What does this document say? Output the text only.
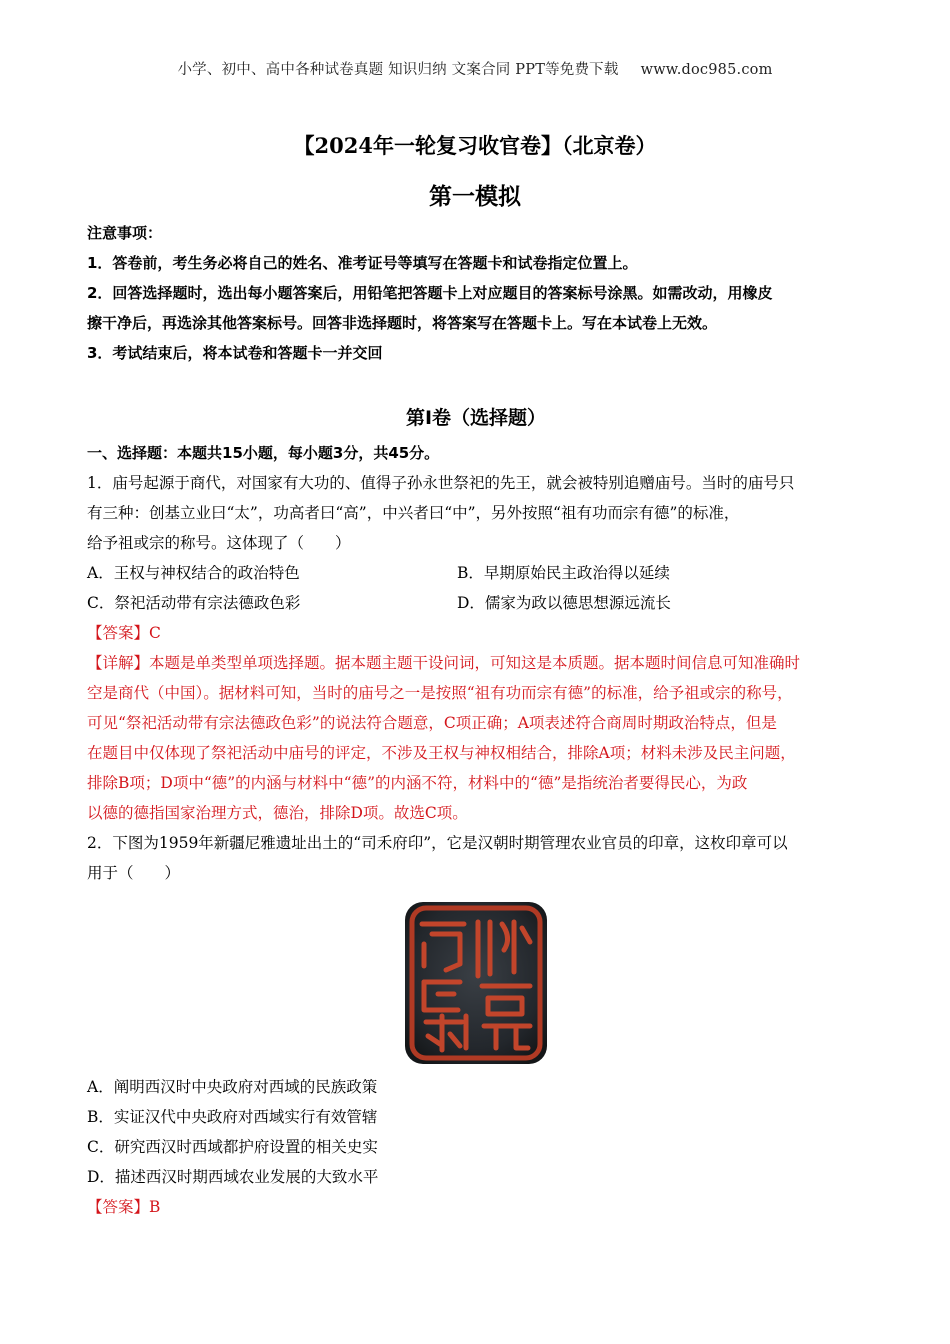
小学、初中、高中各种试卷真题 知识归纳 文案合同 PPT等免费下载 www.doc985.com
【2024年一轮复习收官卷】（北京卷）
第一模拟
注意事项：
1．答卷前，考生务必将自己的姓名、准考证号等填写在答题卡和试卷指定位置上。
2．回答选择题时，选出每小题答案后，用铅笔把答题卡上对应题目的答案标号涂黑。如需改动，用橡皮
擦干净后，再选涂其他答案标号。回答非选择题时，将答案写在答题卡上。写在本试卷上无效。
3．考试结束后，将本试卷和答题卡一并交回
第I卷（选择题）
一、选择题：本题共15小题，每小题3分，共45分。
1．庙号起源于商代，对国家有大功的、值得子孙永世祭祀的先王，就会被特别追赠庙号。当时的庙号只
有三种：创基立业曰“太”，功高者曰“高”，中兴者曰“中”，另外按照“祖有功而宗有德”的标准，
给予祖或宗的称号。这体现了（　　）
A．王权与神权结合的政治特色	B．早期原始民主政治得以延续
C．祭祀活动带有宗法德政色彩	D．儒家为政以德思想源远流长
【答案】C
【详解】本题是单类型单项选择题。据本题主题干设问词，可知这是本质题。据本题时间信息可知准确时
空是商代（中国）。据材料可知，当时的庙号之一是按照“祖有功而宗有德”的标准，给予祖或宗的称号，
可见“祭祀活动带有宗法德政色彩”的说法符合题意，C项正确；A项表述符合商周时期政治特点，但是
在题目中仅体现了祭祀活动中庙号的评定，不涉及王权与神权相结合，排除A项；材料未涉及民主问题，
排除B项；D项中“德”的内涵与材料中“德”的内涵不符，材料中的“德”是指统治者要得民心，为政
以德的德指国家治理方式，德治，排除D项。故选C项。
2．下图为1959年新疆尼雅遗址出土的“司禾府印”，它是汉朝时期管理农业官员的印章，这枚印章可以
用于（　　）
A．阐明西汉时中央政府对西域的民族政策
B．实证汉代中央政府对西域实行有效管辖
C．研究西汉时西域都护府设置的相关史实
D．描述西汉时期西域农业发展的大致水平
【答案】B
